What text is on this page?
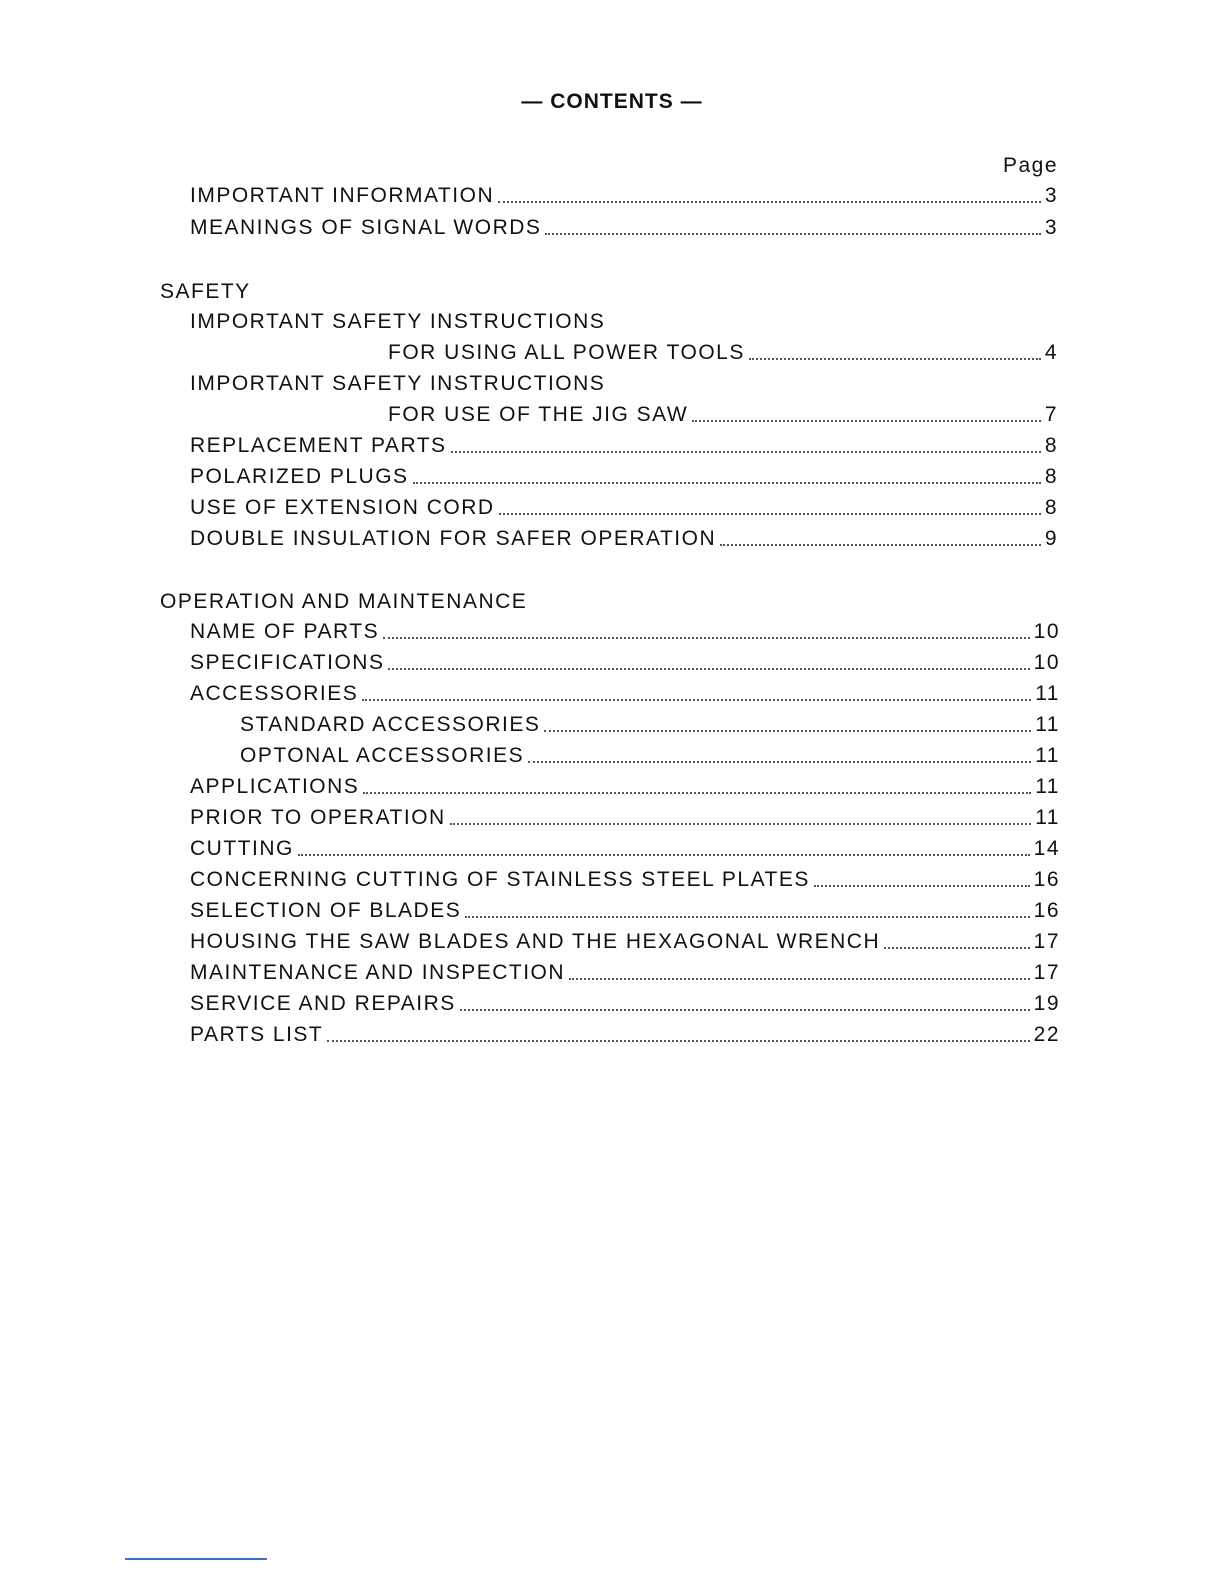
— CONTENTS —
Page
IMPORTANT INFORMATION	3
MEANINGS OF SIGNAL WORDS	3
SAFETY
IMPORTANT SAFETY INSTRUCTIONS
FOR USING ALL POWER TOOLS	4
IMPORTANT SAFETY INSTRUCTIONS
FOR USE OF THE JIG SAW	7
REPLACEMENT PARTS	8
POLARIZED PLUGS	8
USE OF EXTENSION CORD	8
DOUBLE INSULATION FOR SAFER OPERATION	9
OPERATION AND MAINTENANCE
NAME OF PARTS	10
SPECIFICATIONS	10
ACCESSORIES	11
STANDARD ACCESSORIES	11
OPTONAL ACCESSORIES	11
APPLICATIONS	11
PRIOR TO OPERATION	11
CUTTING	14
CONCERNING CUTTING OF STAINLESS STEEL PLATES	16
SELECTION OF BLADES	16
HOUSING THE SAW BLADES AND THE HEXAGONAL WRENCH	17
MAINTENANCE AND INSPECTION	17
SERVICE AND REPAIRS	19
PARTS LIST	22
